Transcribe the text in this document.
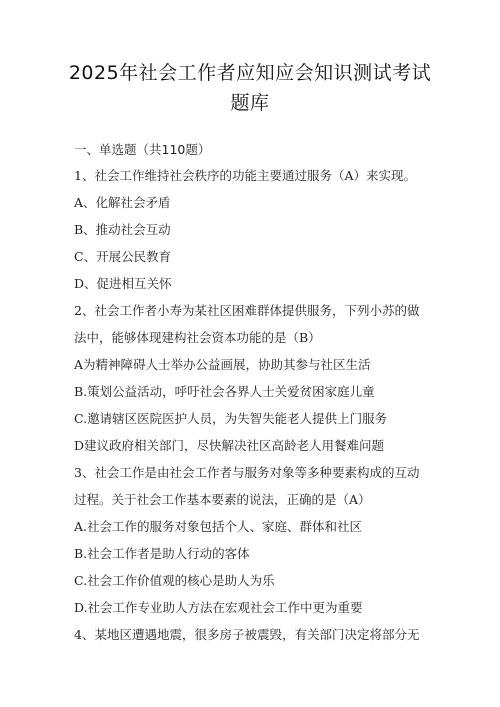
2025年社会工作者应知应会知识测试考试
题库
一、单选题（共110题）
1、社会工作维持社会秩序的功能主要通过服务（A）来实现。
A、化解社会矛盾
B、推动社会互动
C、开展公民教育
D、促进相互关怀
2、社会工作者小寿为某社区困难群体提供服务，下列小苏的做
法中，能够体现建构社会资本功能的是（B）
A为精神障碍人士举办公益画展，协助其参与社区生活
B.策划公益活动，呼吁社会各界人士关爱贫困家庭儿童
C.邀请辖区医院医护人员，为失智失能老人提供上门服务
D建议政府相关部门，尽快解决社区高龄老人用餐难问题
3、社会工作是由社会工作者与服务对象等多种要素构成的互动
过程。关于社会工作基本要素的说法，正确的是（A）
A.社会工作的服务对象包括个人、家庭、群体和社区
B.社会工作者是助人行动的客体
C.社会工作价值观的核心是助人为乐
D.社会工作专业助人方法在宏观社会工作中更为重要
4、某地区遭遇地震，很多房子被震毁，有关部门决定将部分无
